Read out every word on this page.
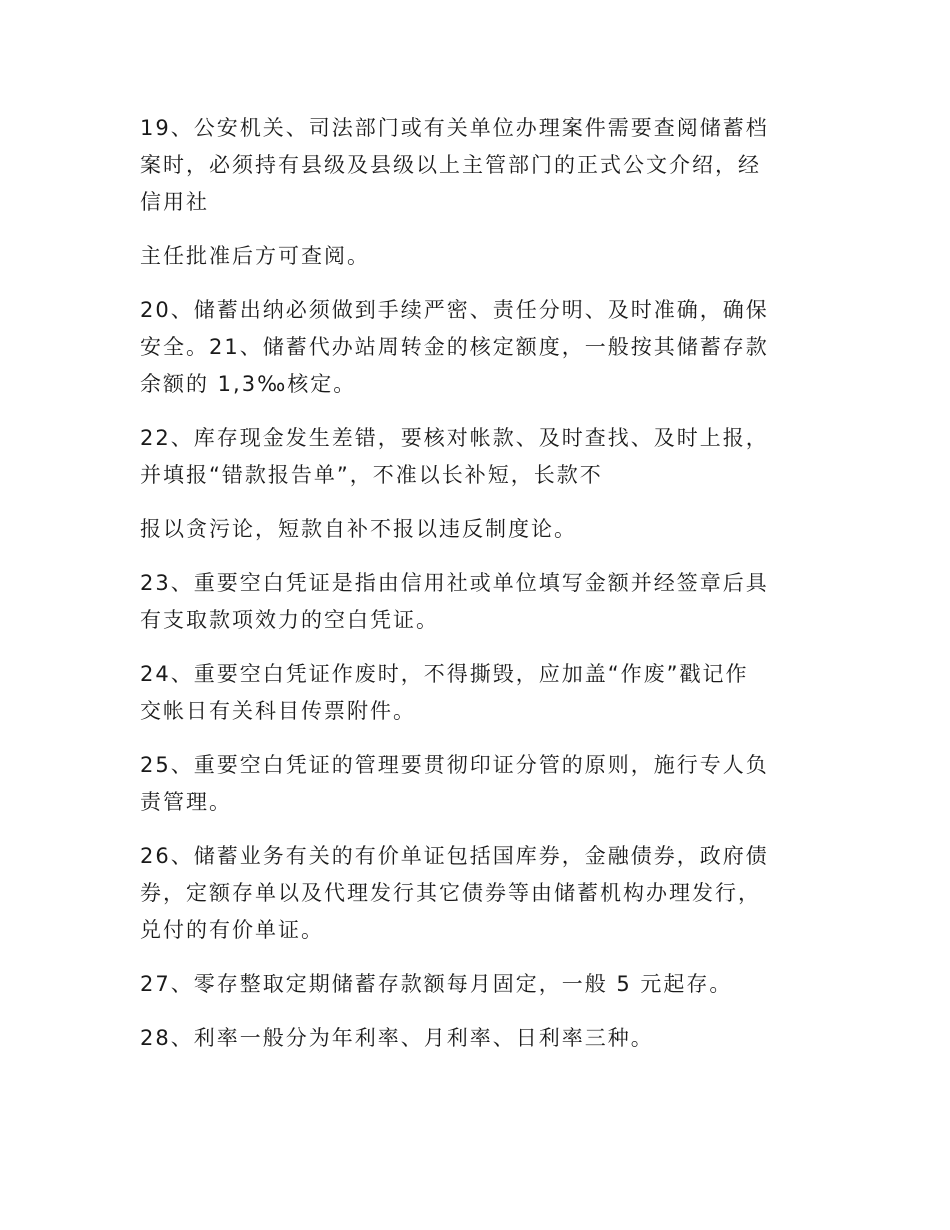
19、公安机关、司法部门或有关单位办理案件需要查阅储蓄档
案时，必须持有县级及县级以上主管部门的正式公文介绍，经
信用社

主任批准后方可查阅。

20、储蓄出纳必须做到手续严密、责任分明、及时准确，确保
安全。21、储蓄代办站周转金的核定额度，一般按其储蓄存款
余额的 1,3‰核定。

22、库存现金发生差错，要核对帐款、及时查找、及时上报，
并填报“错款报告单”，不准以长补短，长款不

报以贪污论，短款自补不报以违反制度论。

23、重要空白凭证是指由信用社或单位填写金额并经签章后具
有支取款项效力的空白凭证。

24、重要空白凭证作废时，不得撕毁，应加盖“作废”戳记作
交帐日有关科目传票附件。

25、重要空白凭证的管理要贯彻印证分管的原则，施行专人负
责管理。

26、储蓄业务有关的有价单证包括国库券，金融债券，政府债
券，定额存单以及代理发行其它债券等由储蓄机构办理发行，
兑付的有价单证。

27、零存整取定期储蓄存款额每月固定，一般 5 元起存。

28、利率一般分为年利率、月利率、日利率三种。
